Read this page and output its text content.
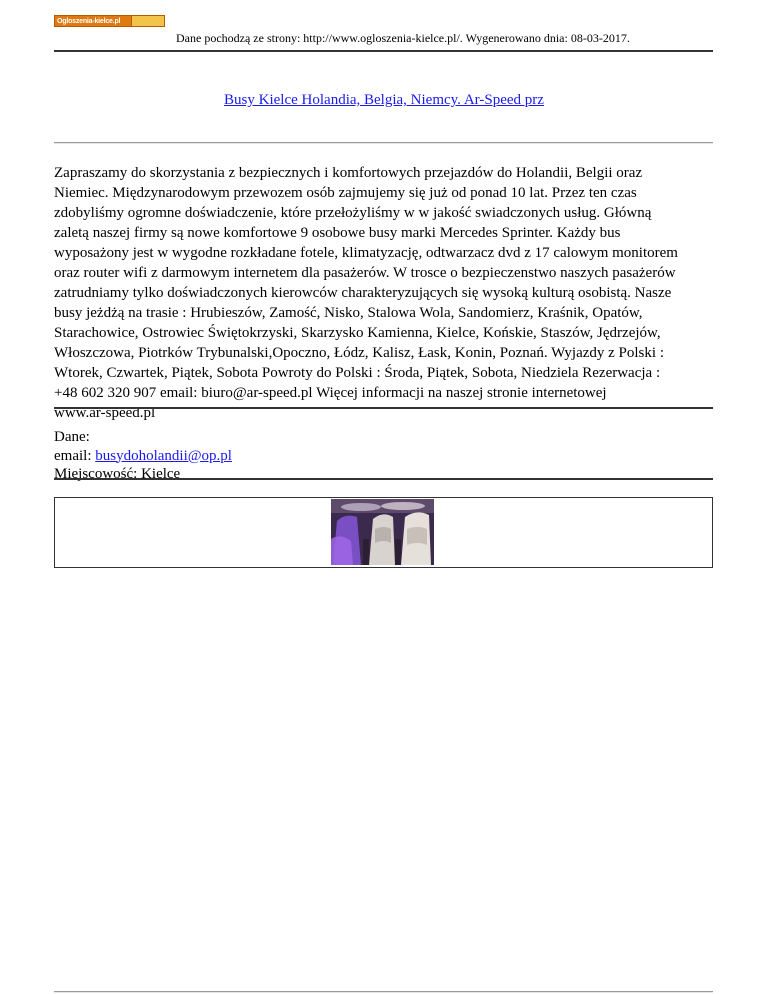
Ogloszenia-kielce.pl
Dane pochodzą ze strony: http://www.ogloszenia-kielce.pl/. Wygenerowano dnia: 08-03-2017.
Busy Kielce Holandia, Belgia, Niemcy. Ar-Speed prz
Zapraszamy do skorzystania z bezpiecznych i komfortowych przejazdów do Holandii, Belgii oraz
Niemiec. Międzynarodowym przewozem osób zajmujemy się już od ponad 10 lat. Przez ten czas
zdobyliśmy ogromne doświadczenie, które przełożyliśmy w w jakość swiadczonych usług. Główną
zaletą naszej firmy są nowe komfortowe 9 osobowe busy marki Mercedes Sprinter. Każdy bus
wyposażony jest w wygodne rozkładane fotele, klimatyzację, odtwarzacz dvd z 17 calowym monitorem
oraz router wifi z darmowym internetem dla pasażerów. W trosce o bezpieczenstwo naszych pasażerów
zatrudniamy tylko doświadczonych kierowców charakteryzujących się wysoką kulturą osobistą. Nasze
busy jeżdżą na trasie : Hrubieszów, Zamość, Nisko, Stalowa Wola, Sandomierz, Kraśnik, Opatów,
Starachowice, Ostrowiec Świętokrzyski, Skarzysko Kamienna, Kielce, Końskie, Staszów, Jędrzejów,
Włoszczowa, Piotrków Trybunalski,Opoczno, Łódz, Kalisz, Łask, Konin, Poznań. Wyjazdy z Polski :
Wtorek, Czwartek, Piątek, Sobota Powroty do Polski : Środa, Piątek, Sobota, Niedziela Rezerwacja :
+48 602 320 907 email: biuro@ar-speed.pl Więcej informacji na naszej stronie internetowej
www.ar-speed.pl
Dane:
email: busydoholandii@op.pl
Miejscowość: Kielce
